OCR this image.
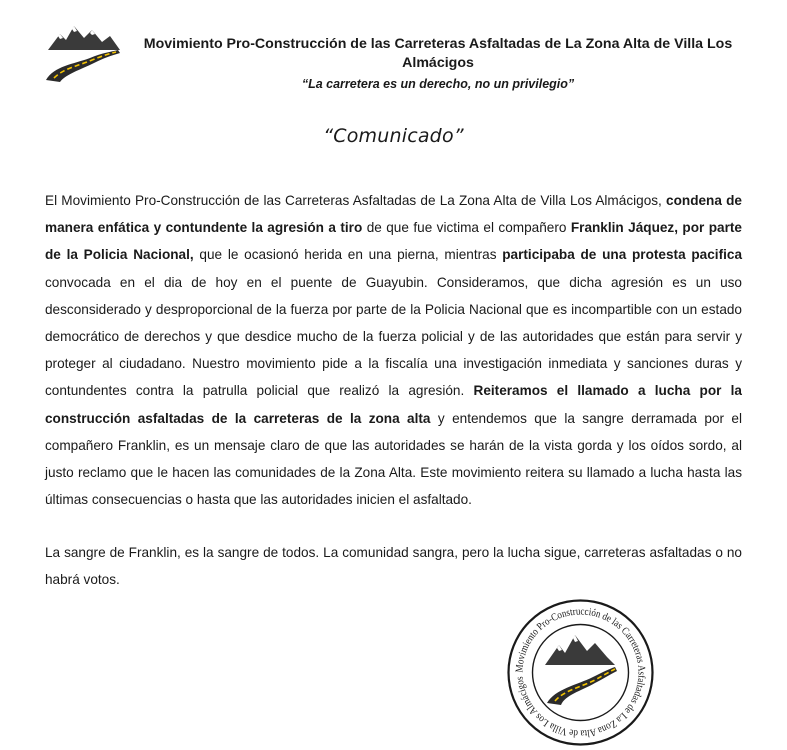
Movimiento Pro-Construcción de las Carreteras Asfaltadas de La Zona Alta de Villa Los
Almácigos

“La carretera es un derecho, no un privilegio”

“Comunicado”

El Movimiento Pro-Construcción de las Carreteras Asfaltadas de La Zona Alta de Villa Los Almácigos, condena de manera enfática y contundente la agresión a tiro de que fue victima el compañero Franklin Jáquez, por parte de la Policia Nacional, que le ocasionó herida en una pierna, mientras participaba de una protesta pacifica convocada en el dia de hoy en el puente de Guayubin. Consideramos, que dicha agresión es un uso desconsiderado y desproporcional de la fuerza por parte de la Policia Nacional que es incompartible con un estado democrático de derechos y que desdice mucho de la fuerza policial y de las autoridades que están para servir y proteger al ciudadano. Nuestro movimiento pide a la fiscalía una investigación inmediata y sanciones duras y contundentes contra la patrulla policial que realizó la agresión. Reiteramos el llamado a lucha por la construcción asfaltadas de la carreteras de la zona alta y entendemos que la sangre derramada por el compañero Franklin, es un mensaje claro de que las autoridades se harán de la vista gorda y los oídos sordo, al justo reclamo que le hacen las comunidades de la Zona Alta. Este movimiento reitera su llamado a lucha hasta las últimas consecuencias o hasta que las autoridades inicien el asfaltado.

La sangre de Franklin, es la sangre de todos. La comunidad sangra, pero la lucha sigue, carreteras asfaltadas o no habrá votos.

Movimiento Pro-Construcción de las Carreteras Asfaltadas de La Zona Alta de Villa Los Almácigos
